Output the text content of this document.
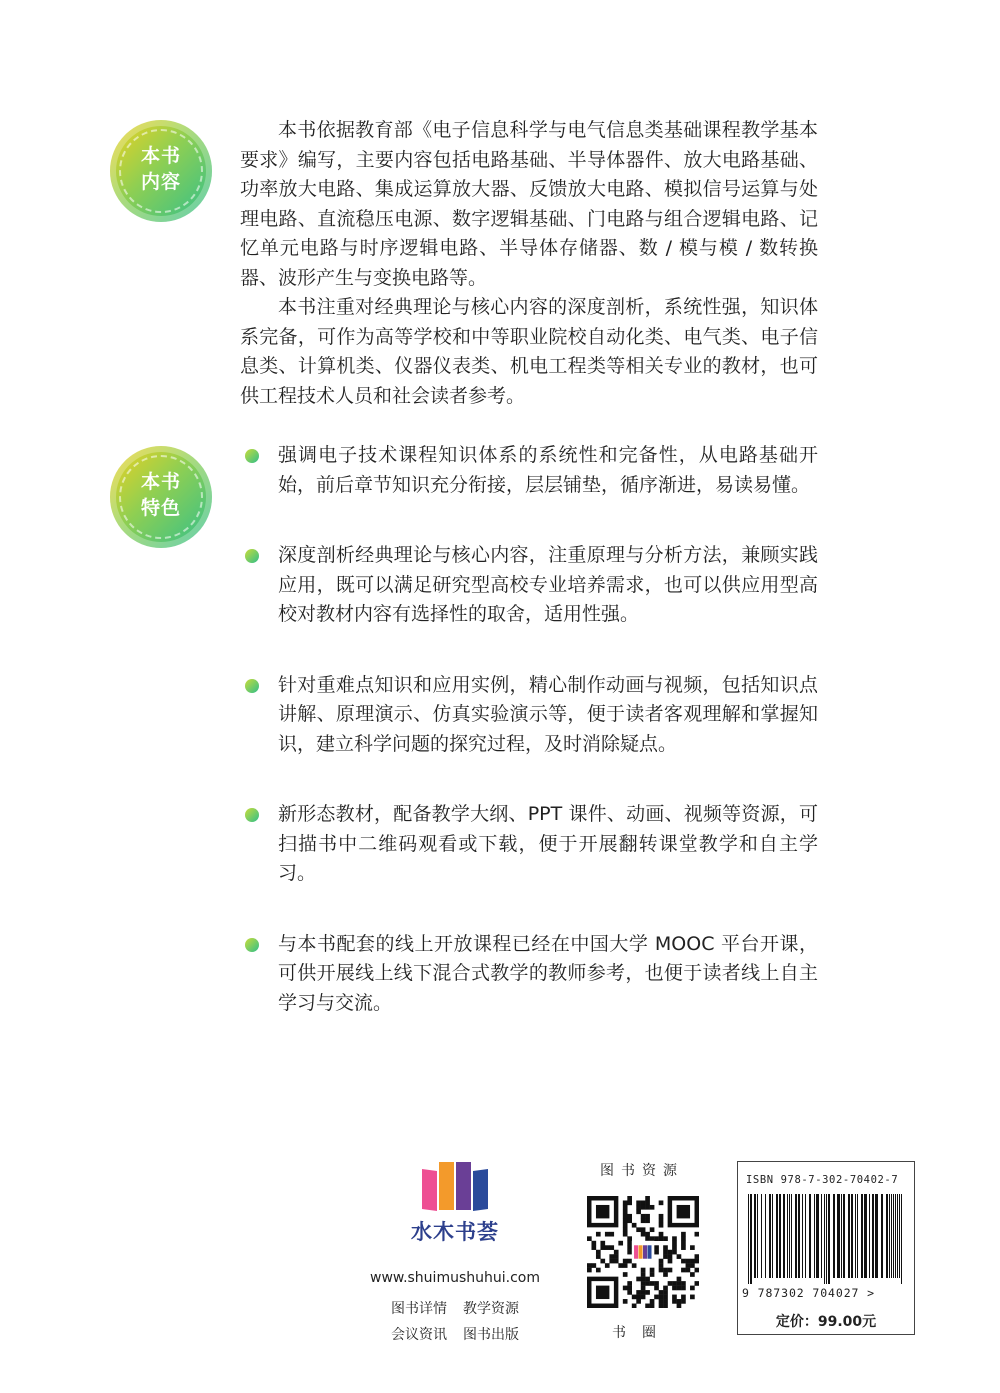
本书
内容
本书
特色

本书依据教育部《电子信息科学与电气信息类基础课程教学基本要求》编写，主要内容包括电路基础、半导体器件、放大电路基础、功率放大电路、集成运算放大器、反馈放大电路、模拟信号运算与处理电路、直流稳压电源、数字逻辑基础、门电路与组合逻辑电路、记忆单元电路与时序逻辑电路、半导体存储器、数 / 模与模 / 数转换器、波形产生与变换电路等。

本书注重对经典理论与核心内容的深度剖析，系统性强，知识体系完备，可作为高等学校和中等职业院校自动化类、电气类、电子信息类、计算机类、仪器仪表类、机电工程类等相关专业的教材，也可供工程技术人员和社会读者参考。

强调电子技术课程知识体系的系统性和完备性，从电路基础开始，前后章节知识充分衔接，层层铺垫，循序渐进，易读易懂。
深度剖析经典理论与核心内容，注重原理与分析方法，兼顾实践应用，既可以满足研究型高校专业培养需求，也可以供应用型高校对教材内容有选择性的取舍，适用性强。
针对重难点知识和应用实例，精心制作动画与视频，包括知识点讲解、原理演示、仿真实验演示等，便于读者客观理解和掌握知识，建立科学问题的探究过程，及时消除疑点。
新形态教材，配备教学大纲、PPT 课件、动画、视频等资源，可扫描书中二维码观看或下载，便于开展翻转课堂教学和自主学习。
与本书配套的线上开放课程已经在中国大学 MOOC 平台开课，可供开展线上线下混合式教学的教师参考，也便于读者线上自主学习与交流。
水木书荟
www.shuimushuhui.com
图书详情 教学资源
会议资讯 图书出版
图书资源
书圈
ISBN 978-7-302-70402-7
9 787302 704027 >
定价：99.00元
